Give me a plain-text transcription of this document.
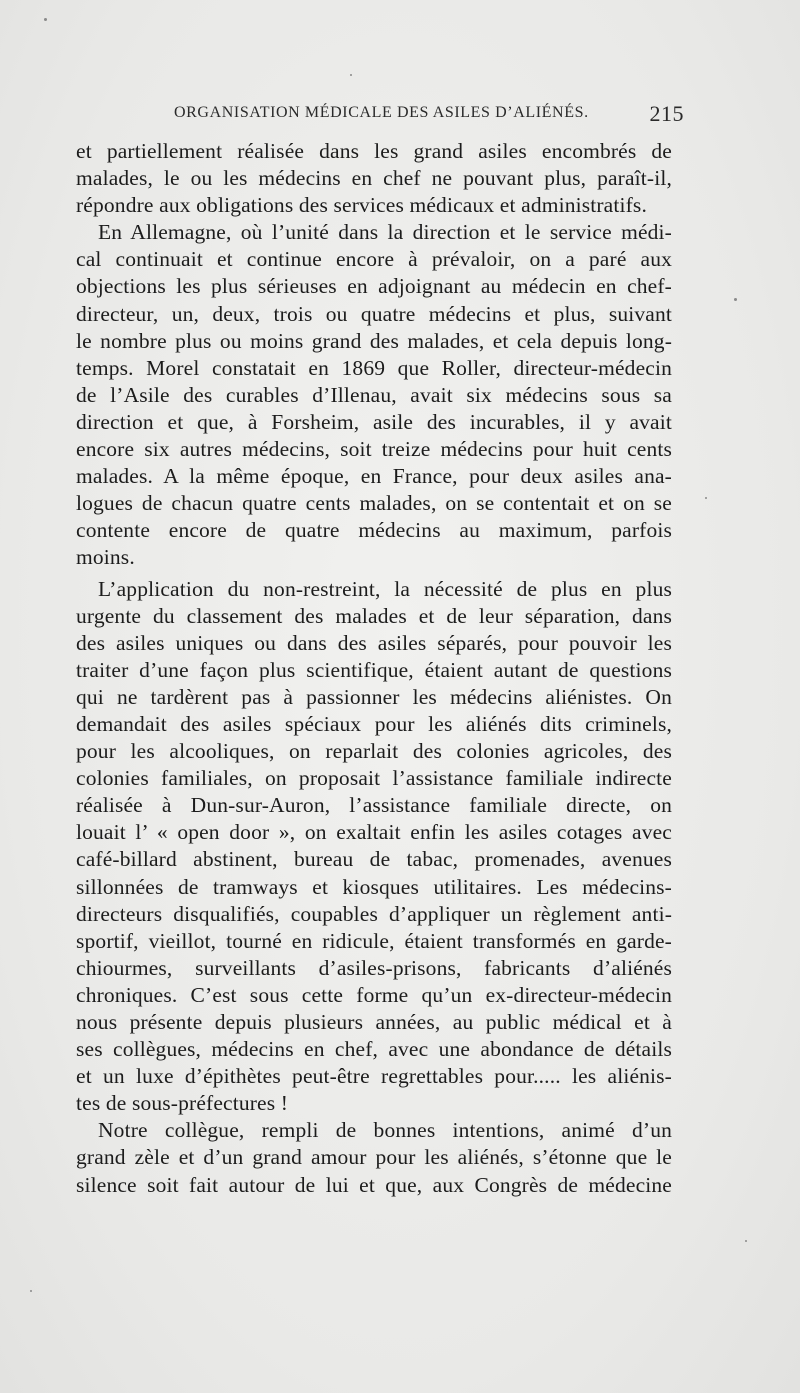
ORGANISATION MÉDICALE DES ASILES D’ALIÉNÉS.	215
et partiellement réalisée dans les grand asiles encombrés de
malades, le ou les médecins en chef ne pouvant plus, paraît-il,
répondre aux obligations des services médicaux et administratifs.
En Allemagne, où l’unité dans la direction et le service médi-
cal continuait et continue encore à prévaloir, on a paré aux
objections les plus sérieuses en adjoignant au médecin en chef-
directeur, un, deux, trois ou quatre médecins et plus, suivant
le nombre plus ou moins grand des malades, et cela depuis long-
temps. Morel constatait en 1869 que Roller, directeur-médecin
de l’Asile des curables d’Illenau, avait six médecins sous sa
direction et que, à Forsheim, asile des incurables, il y avait
encore six autres médecins, soit treize médecins pour huit cents
malades. A la même époque, en France, pour deux asiles ana-
logues de chacun quatre cents malades, on se contentait et on se
contente encore de quatre médecins au maximum, parfois
moins.
L’application du non-restreint, la nécessité de plus en plus
urgente du classement des malades et de leur séparation, dans
des asiles uniques ou dans des asiles séparés, pour pouvoir les
traiter d’une façon plus scientifique, étaient autant de questions
qui ne tardèrent pas à passionner les médecins aliénistes. On
demandait des asiles spéciaux pour les aliénés dits criminels,
pour les alcooliques, on reparlait des colonies agricoles, des
colonies familiales, on proposait l’assistance familiale indirecte
réalisée à Dun-sur-Auron, l’assistance familiale directe, on
louait l’ « open door », on exaltait enfin les asiles cotages avec
café-billard abstinent, bureau de tabac, promenades, avenues
sillonnées de tramways et kiosques utilitaires. Les médecins-
directeurs disqualifiés, coupables d’appliquer un règlement anti-
sportif, vieillot, tourné en ridicule, étaient transformés en garde-
chiourmes, surveillants d’asiles-prisons, fabricants d’aliénés
chroniques. C’est sous cette forme qu’un ex-directeur-médecin
nous présente depuis plusieurs années, au public médical et à
ses collègues, médecins en chef, avec une abondance de détails
et un luxe d’épithètes peut-être regrettables pour..... les aliénis-
tes de sous-préfectures !
Notre collègue, rempli de bonnes intentions, animé d’un
grand zèle et d’un grand amour pour les aliénés, s’étonne que le
silence soit fait autour de lui et que, aux Congrès de médecine
